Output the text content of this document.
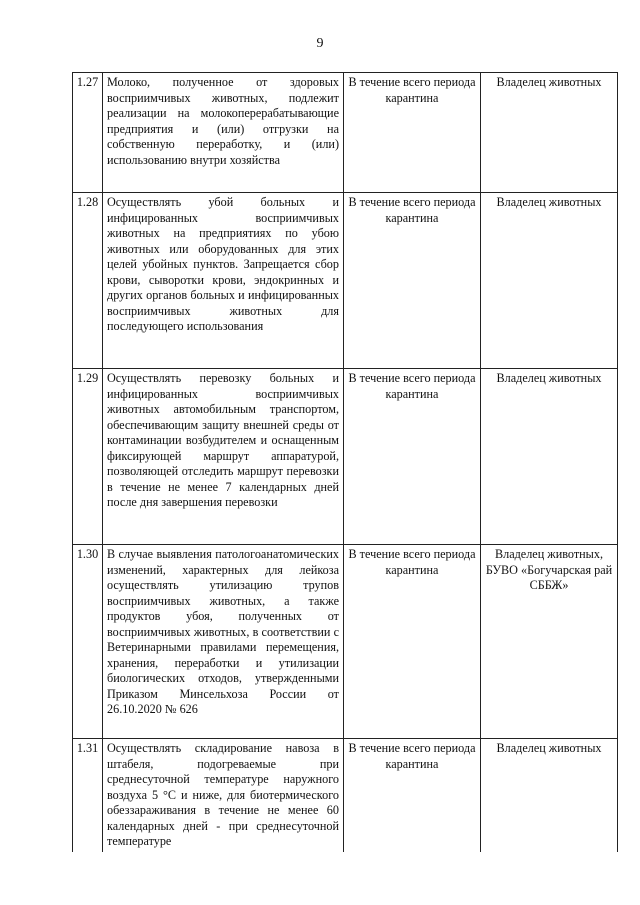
9
1.27	Молоко, полученное от здоровых восприимчивых животных, подлежит реализации на молокоперерабатывающие предприятия и (или) отгрузки на собственную переработку, и (или) использованию внутри хозяйства	В течение всего периода карантина	Владелец животных
1.28	Осуществлять убой больных и инфицированных восприимчивых животных на предприятиях по убою животных или оборудованных для этих целей убойных пунктов. Запрещается сбор крови, сыворотки крови, эндокринных и других органов больных и инфицированных восприимчивых животных для последующего использования	В течение всего периода карантина	Владелец животных
1.29	Осуществлять перевозку больных и инфицированных восприимчивых животных автомобильным транспортом, обеспечивающим защиту внешней среды от контаминации возбудителем и оснащенным фиксирующей маршрут аппаратурой, позволяющей отследить маршрут перевозки в течение не менее 7 календарных дней после дня завершения перевозки	В течение всего периода карантина	Владелец животных
1.30	В случае выявления патологоанатомических изменений, характерных для лейкоза осуществлять утилизацию трупов восприимчивых животных, а также продуктов убоя, полученных от восприимчивых животных, в соответствии с Ветеринарными правилами перемещения, хранения, переработки и утилизации биологических отходов, утвержденными Приказом Минсельхоза России от 26.10.2020 № 626	В течение всего периода карантина	Владелец животных, БУВО «Богучарская рай СББЖ»
1.31	Осуществлять складирование навоза в штабеля, подогреваемые при среднесуточной температуре наружного воздуха 5 °С и ниже, для биотермического обеззараживания в течение не менее 60 календарных дней - при среднесуточной температуре	В течение всего периода карантина	Владелец животных
